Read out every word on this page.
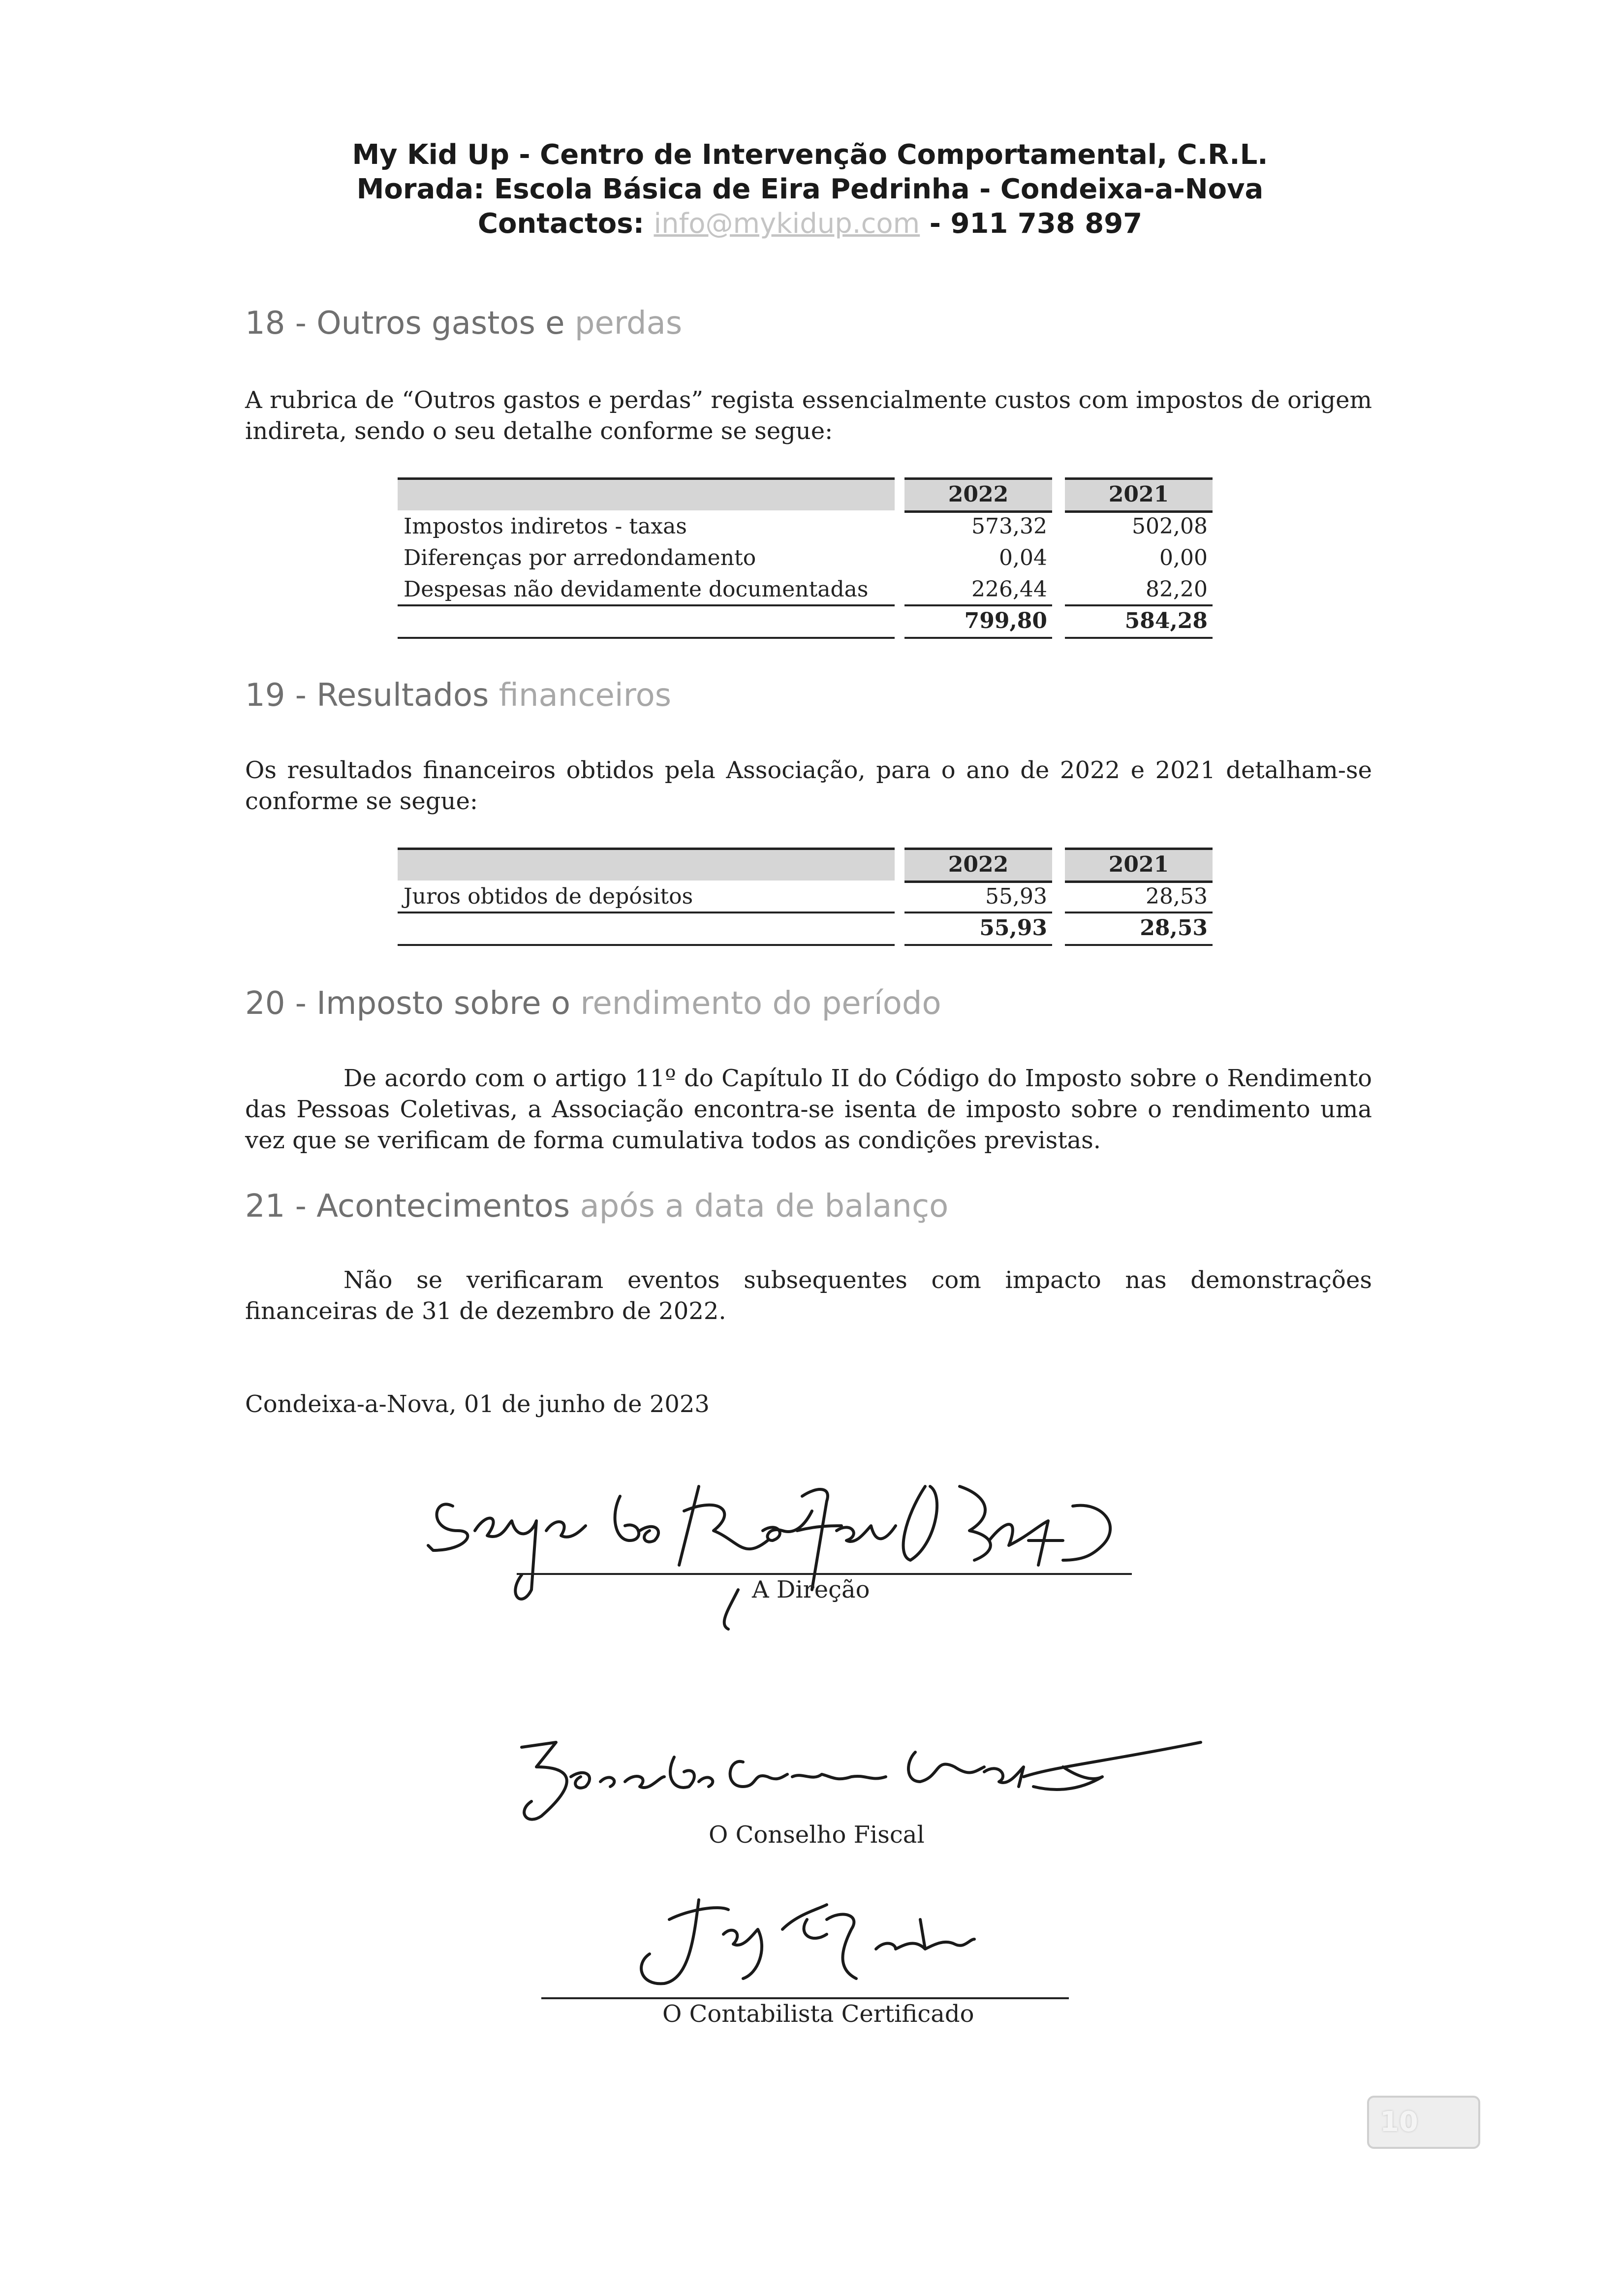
My Kid Up - Centro de Intervenção Comportamental, C.R.L.
Morada: Escola Básica de Eira Pedrinha - Condeixa-a-Nova
Contactos: info@mykidup.com - 911 738 897
18 - Outros gastos e perdas
A rubrica de “Outros gastos e perdas” regista essencialmente custos com impostos de origem indireta, sendo o seu detalhe conforme se segue:
2022	2021
Impostos indiretos - taxas	573,32	502,08
Diferenças por arredondamento	0,04	0,00
Despesas não devidamente documentadas	226,44	82,20
799,80	584,28
19 - Resultados financeiros
Os resultados financeiros obtidos pela Associação, para o ano de 2022 e 2021 detalham-se conforme se segue:
2022	2021
Juros obtidos de depósitos	55,93	28,53
55,93	28,53
20 - Imposto sobre o rendimento do período
De acordo com o artigo 11º do Capítulo II do Código do Imposto sobre o Rendimento das Pessoas Coletivas, a Associação encontra-se isenta de imposto sobre o rendimento uma vez que se verificam de forma cumulativa todos as condições previstas.
21 - Acontecimentos após a data de balanço
Não se verificaram eventos subsequentes com impacto nas demonstrações financeiras de 31 de dezembro de 2022.
Condeixa-a-Nova, 01 de junho de 2023
A Direção
O Conselho Fiscal
O Contabilista Certificado
10
